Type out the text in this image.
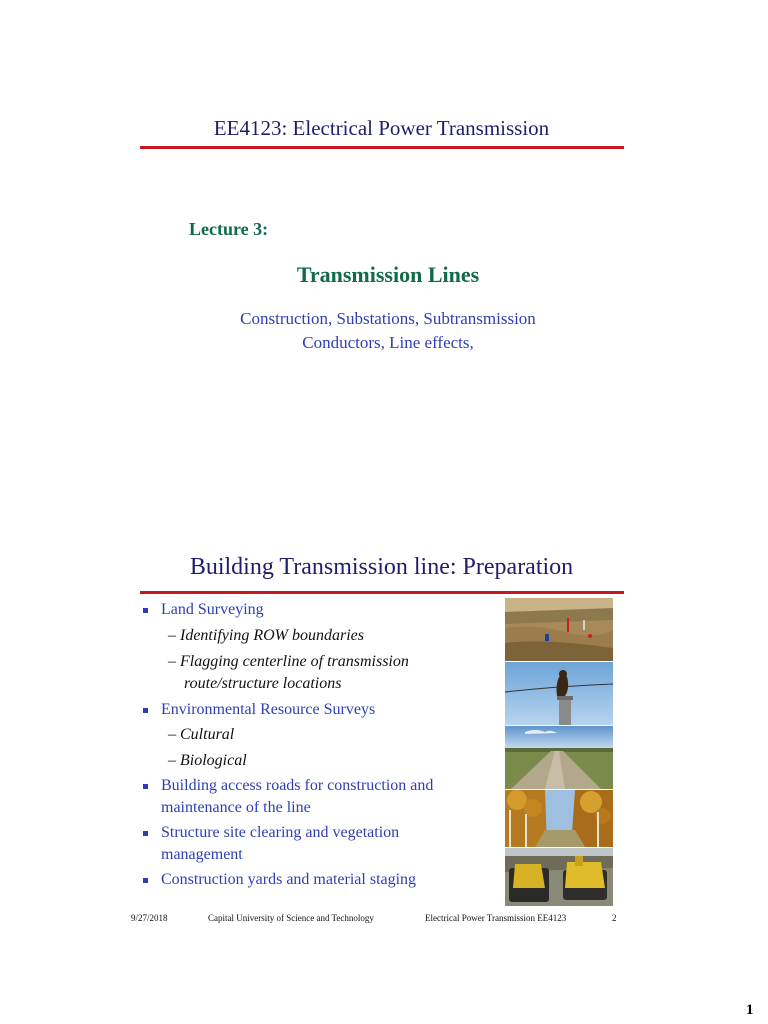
EE4123: Electrical Power Transmission
Lecture 3:
Transmission Lines
Construction, Substations, Subtransmission
Conductors, Line effects,
Building Transmission line: Preparation
Land Surveying
– Identifying ROW boundaries
– Flagging centerline of transmission
route/structure locations
Environmental Resource Surveys
– Cultural
– Biological
Building access roads for construction and
maintenance of the line
Structure site clearing and vegetation
management
Construction yards and material staging
9/27/2018	Capital University of Science and Technology	Electrical Power Transmission EE4123	2
1
